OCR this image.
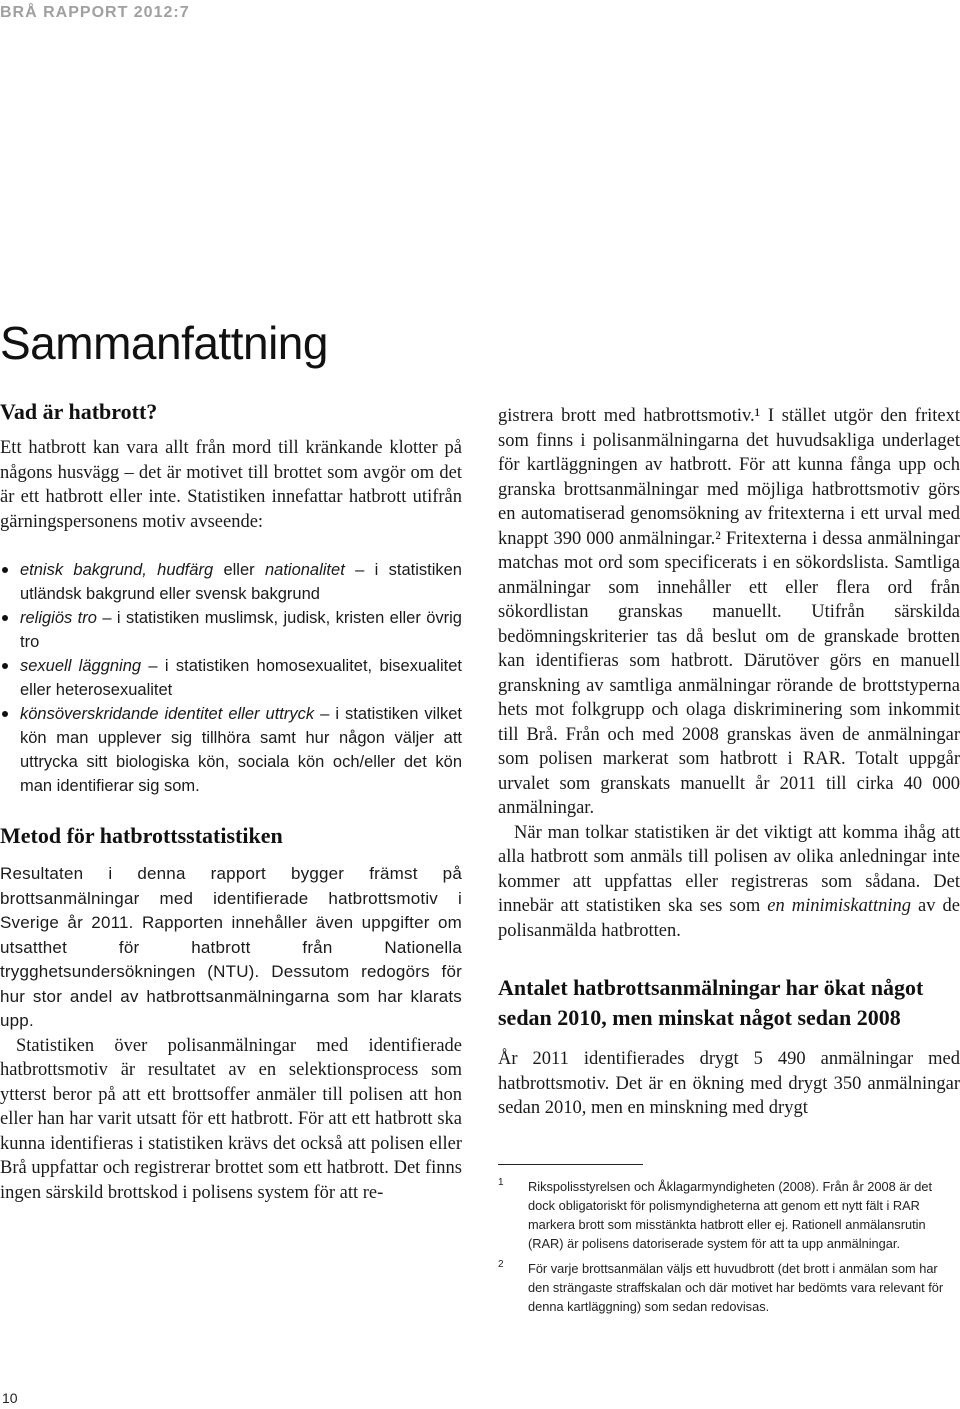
BRÅ RAPPORT 2012:7
Sammanfattning
Vad är hatbrott?

Ett hatbrott kan vara allt från mord till kränkande klotter på någons husvägg – det är motivet till brottet som avgör om det är ett hatbrott eller inte. Statistiken innefattar hatbrott utifrån gärningspersonens motiv avseende:

etnisk bakgrund, hudfärg eller nationalitet – i statistiken utländsk bakgrund eller svensk bakgrund
religiös tro – i statistiken muslimsk, judisk, kristen eller övrig tro
sexuell läggning – i statistiken homosexualitet, bisexualitet eller heterosexualitet
könsöverskridande identitet eller uttryck – i statistiken vilket kön man upplever sig tillhöra samt hur någon väljer att uttrycka sitt biologiska kön, sociala kön och/eller det kön man identifierar sig som.
Metod för hatbrottsstatistiken

Resultaten i denna rapport bygger främst på brottsanmälningar med identifierade hatbrottsmotiv i Sverige år 2011. Rapporten innehåller även uppgifter om utsatthet för hatbrott från Nationella trygghetsundersökningen (NTU). Dessutom redogörs för hur stor andel av hatbrottsanmälningarna som har klarats upp.

Statistiken över polisanmälningar med identifierade hatbrottsmotiv är resultatet av en selektionsprocess som ytterst beror på att ett brottsoffer anmäler till polisen att hon eller han har varit utsatt för ett hatbrott. För att ett hatbrott ska kunna identifieras i statistiken krävs det också att polisen eller Brå uppfattar och registrerar brottet som ett hatbrott. Det finns ingen särskild brottskod i polisens system för att re-

gistrera brott med hatbrottsmotiv.¹ I stället utgör den fritext som finns i polisanmälningarna det huvudsakliga underlaget för kartläggningen av hatbrott. För att kunna fånga upp och granska brottsanmälningar med möjliga hatbrottsmotiv görs en automatiserad genomsökning av fritexterna i ett urval med knappt 390 000 anmälningar.² Fritexterna i dessa anmälningar matchas mot ord som specificerats i en sökordslista. Samtliga anmälningar som innehåller ett eller flera ord från sökordlistan granskas manuellt. Utifrån särskilda bedömningskriterier tas då beslut om de granskade brotten kan identifieras som hatbrott. Därutöver görs en manuell granskning av samtliga anmälningar rörande de brottstyperna hets mot folkgrupp och olaga diskriminering som inkommit till Brå. Från och med 2008 granskas även de anmälningar som polisen markerat som hatbrott i RAR. Totalt uppgår urvalet som granskats manuellt år 2011 till cirka 40 000 anmälningar.

När man tolkar statistiken är det viktigt att komma ihåg att alla hatbrott som anmäls till polisen av olika anledningar inte kommer att uppfattas eller registreras som sådana. Det innebär att statistiken ska ses som en minimiskattning av de polisanmälda hatbrotten.

Antalet hatbrottsanmälningar har ökat något sedan 2010, men minskat något sedan 2008

År 2011 identifierades drygt 5 490 anmälningar med hatbrottsmotiv. Det är en ökning med drygt 350 anmälningar sedan 2010, men en minskning med drygt

1 Rikspolisstyrelsen och Åklagarmyndigheten (2008). Från år 2008 är det dock obligatoriskt för polismyndigheterna att genom ett nytt fält i RAR markera brott som misstänkta hatbrott eller ej. Rationell anmälansrutin (RAR) är polisens datoriserade system för att ta upp anmälningar.
2 För varje brottsanmälan väljs ett huvudbrott (det brott i anmälan som har den strängaste straffskalan och där motivet har bedömts vara relevant för denna kartläggning) som sedan redovisas.
10
